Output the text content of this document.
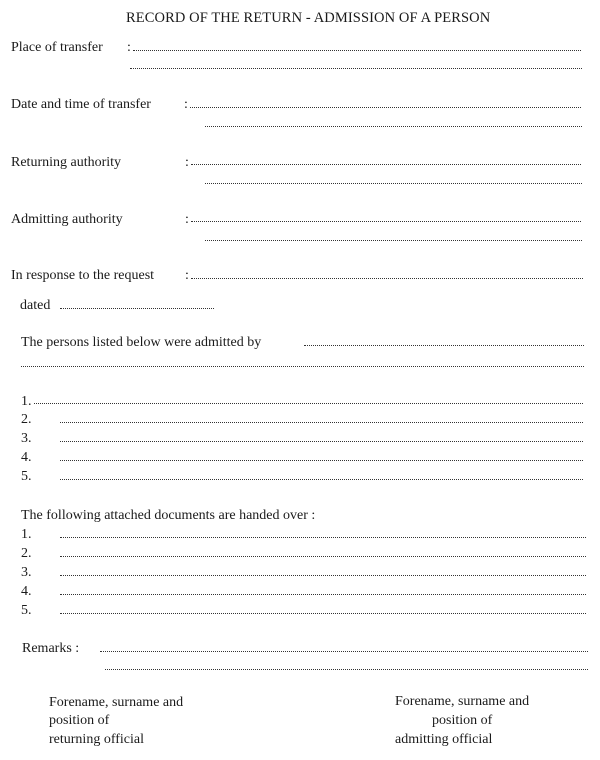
RECORD OF THE RETURN - ADMISSION OF A PERSON
Place of transfer :
Date and time of transfer :
Returning authority	:
Admitting authority	:
In response to the request :
dated
The persons listed below were admitted by
1.
2.
3.
4.
5.
The following attached documents are handed over :
1.
2.
3.
4.
5.
Remarks :
Forename, surname and
position of
returning official
Forename, surname and
position of
admitting official
